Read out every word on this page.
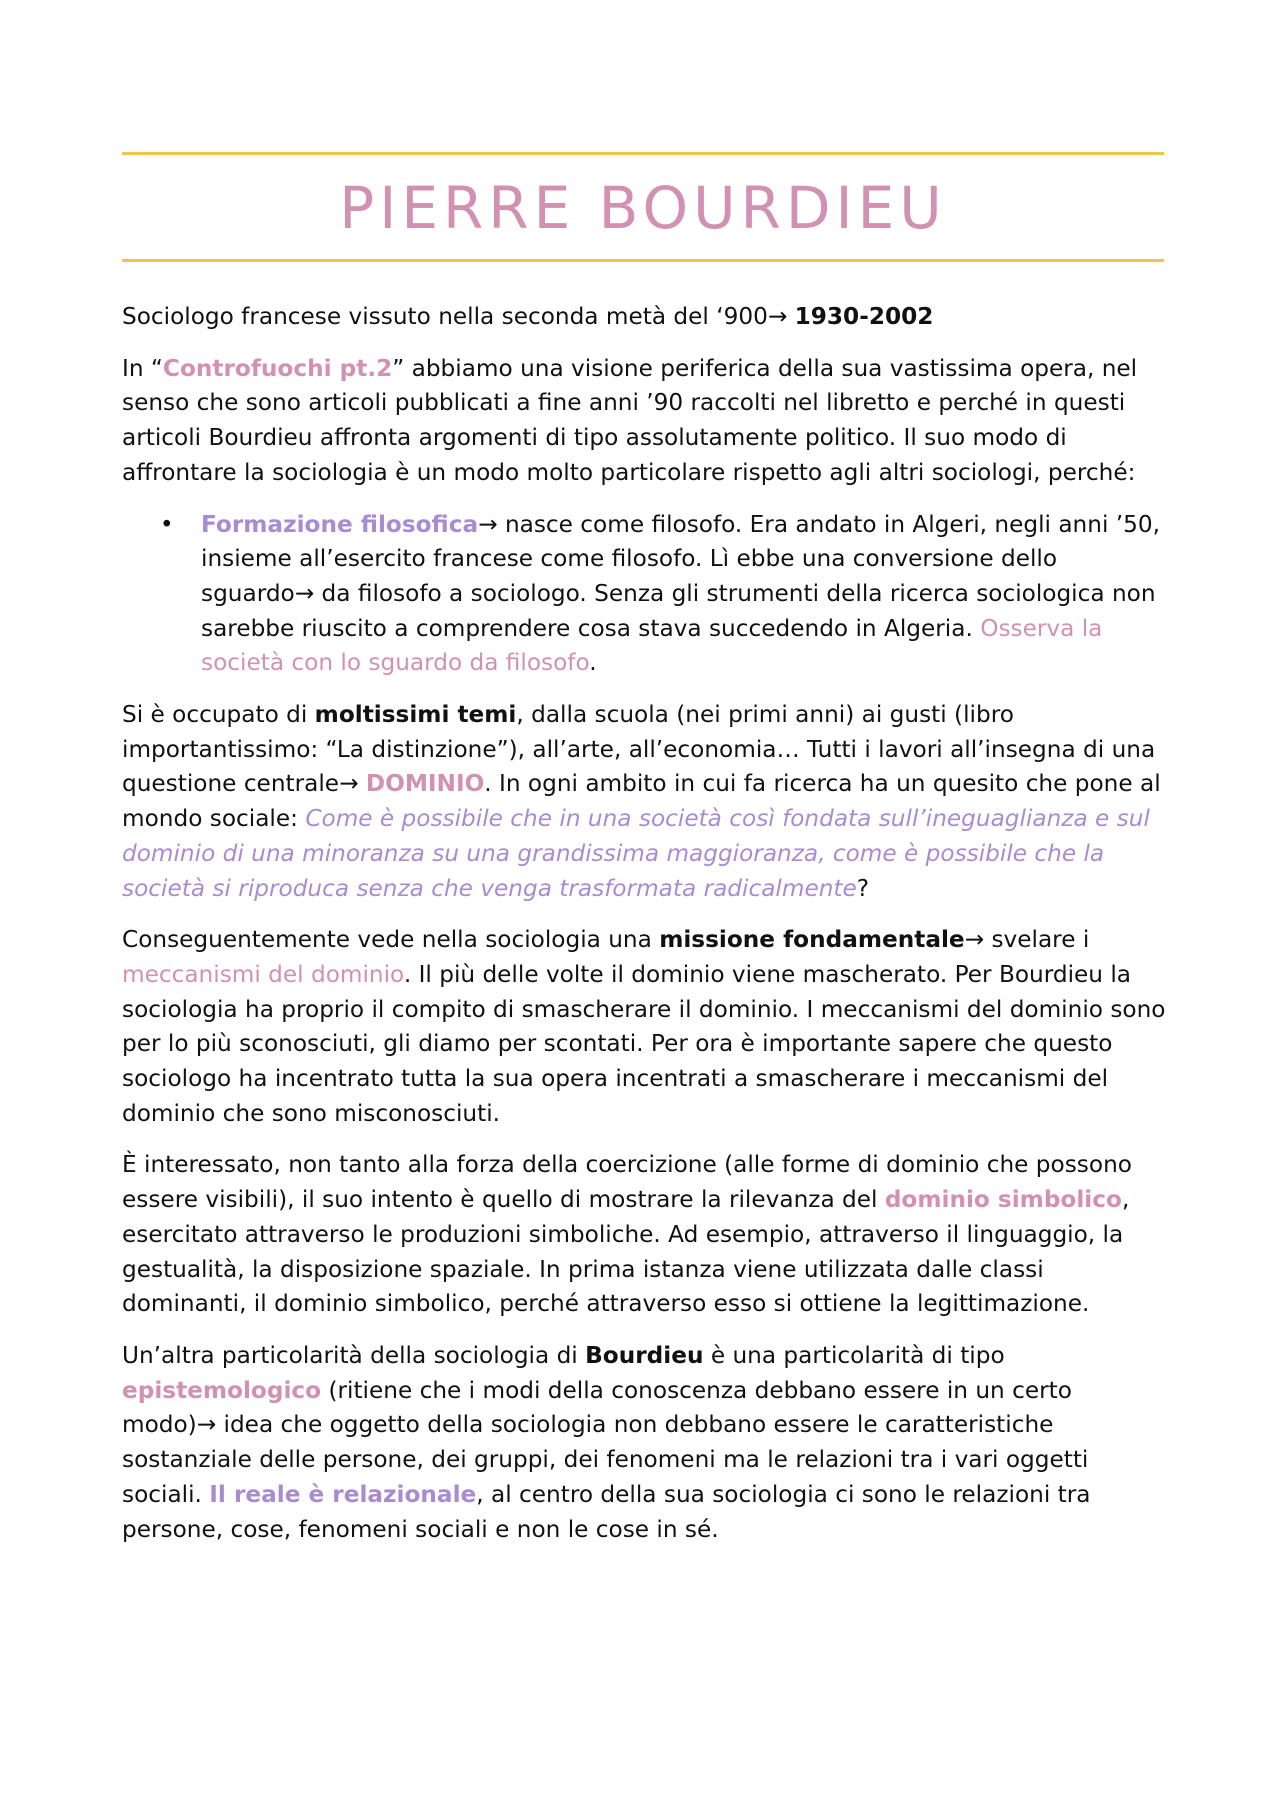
PIERRE BOURDIEU

Sociologo francese vissuto nella seconda metà del ‘900→ 1930-2002

In “Controfuochi pt.2” abbiamo una visione periferica della sua vastissima opera, nel senso che sono articoli pubblicati a fine anni ’90 raccolti nel libretto e perché in questi articoli Bourdieu affronta argomenti di tipo assolutamente politico. Il suo modo di affrontare la sociologia è un modo molto particolare rispetto agli altri sociologi, perché:

• Formazione filosofica→ nasce come filosofo. Era andato in Algeri, negli anni ’50, insieme all’esercito francese come filosofo. Lì ebbe una conversione dello sguardo→ da filosofo a sociologo. Senza gli strumenti della ricerca sociologica non sarebbe riuscito a comprendere cosa stava succedendo in Algeria. Osserva la società con lo sguardo da filosofo.

Si è occupato di moltissimi temi, dalla scuola (nei primi anni) ai gusti (libro importantissimo: “La distinzione”), all’arte, all’economia… Tutti i lavori all’insegna di una questione centrale→ DOMINIO. In ogni ambito in cui fa ricerca ha un quesito che pone al mondo sociale: Come è possibile che in una società così fondata sull’ineguaglianza e sul dominio di una minoranza su una grandissima maggioranza, come è possibile che la società si riproduca senza che venga trasformata radicalmente?

Conseguentemente vede nella sociologia una missione fondamentale→ svelare i meccanismi del dominio. Il più delle volte il dominio viene mascherato. Per Bourdieu la sociologia ha proprio il compito di smascherare il dominio. I meccanismi del dominio sono per lo più sconosciuti, gli diamo per scontati. Per ora è importante sapere che questo sociologo ha incentrato tutta la sua opera incentrati a smascherare i meccanismi del dominio che sono misconosciuti.

È interessato, non tanto alla forza della coercizione (alle forme di dominio che possono essere visibili), il suo intento è quello di mostrare la rilevanza del dominio simbolico, esercitato attraverso le produzioni simboliche. Ad esempio, attraverso il linguaggio, la gestualità, la disposizione spaziale. In prima istanza viene utilizzata dalle classi dominanti, il dominio simbolico, perché attraverso esso si ottiene la legittimazione.

Un’altra particolarità della sociologia di Bourdieu è una particolarità di tipo epistemologico (ritiene che i modi della conoscenza debbano essere in un certo modo)→ idea che oggetto della sociologia non debbano essere le caratteristiche sostanziale delle persone, dei gruppi, dei fenomeni ma le relazioni tra i vari oggetti sociali. Il reale è relazionale, al centro della sua sociologia ci sono le relazioni tra persone, cose, fenomeni sociali e non le cose in sé.
